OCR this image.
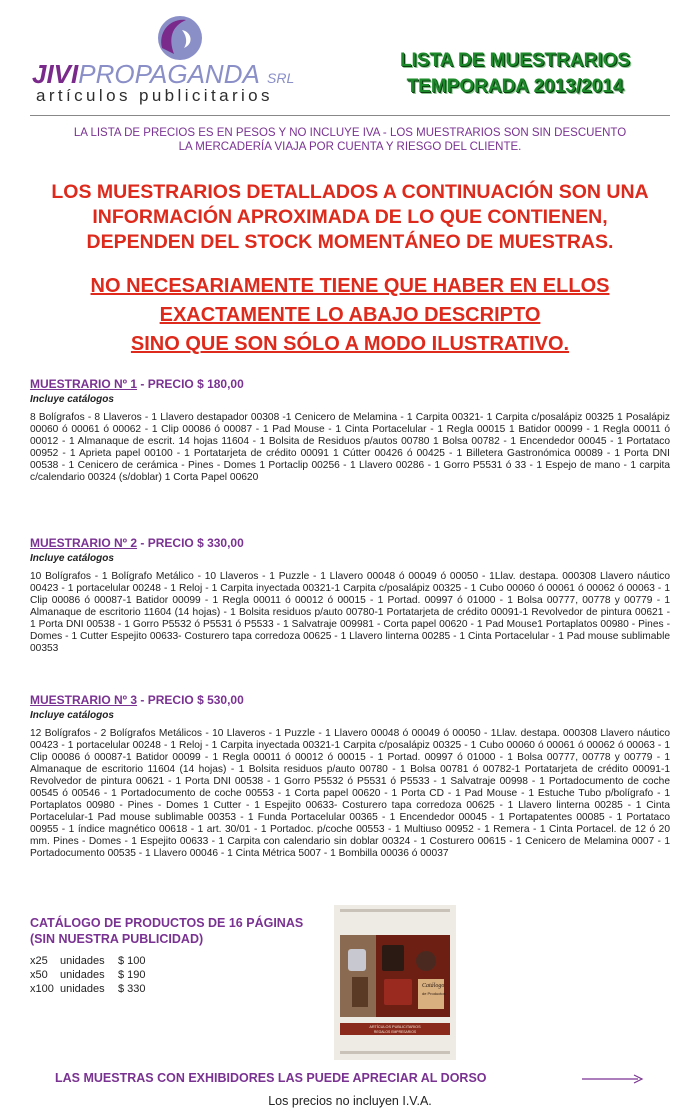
JIVIPROPAGANDA SRL
artículos publicitarios
LISTA DE MUESTRARIOS
TEMPORADA 2013/2014
LA LISTA DE PRECIOS ES EN PESOS Y NO INCLUYE IVA - LOS MUESTRARIOS SON SIN DESCUENTO
LA MERCADERÍA VIAJA POR CUENTA Y RIESGO DEL CLIENTE.
LOS MUESTRARIOS DETALLADOS A CONTINUACIÓN SON UNA
INFORMACIÓN APROXIMADA DE LO QUE CONTIENEN,
DEPENDEN DEL STOCK MOMENTÁNEO DE MUESTRAS.
NO NECESARIAMENTE TIENE QUE HABER EN ELLOS
EXACTAMENTE LO ABAJO DESCRIPTO
SINO QUE SON SÓLO A MODO ILUSTRATIVO.
MUESTRARIO Nº 1 - PRECIO $ 180,00
Incluye catálogos
8 Bolígrafos - 8 Llaveros - 1 Llavero destapador 00308 -1 Cenicero de Melamina - 1 Carpita 00321- 1 Carpita c/posalápiz 00325 1 Posalápiz 00060 ó 00061 ó 00062 - 1 Clip 00086 ó 00087 - 1 Pad Mouse - 1 Cinta Portacelular - 1 Regla 00015 1 Batidor 00099 - 1 Regla 00011 ó 00012 - 1 Almanaque de escrit. 14 hojas 11604 - 1 Bolsita de Residuos p/autos 00780 1 Bolsa 00782 - 1 Encendedor 00045 - 1 Portataco 00952 - 1 Aprieta papel 00100 - 1 Portatarjeta de crédito 00091 1 Cútter 00426 ó 00425 - 1 Billetera Gastronómica 00089 - 1 Porta DNI 00538 - 1 Cenicero de cerámica - Pines - Domes 1 Portaclip 00256 - 1 Llavero 00286 - 1 Gorro P5531 ó 33 - 1 Espejo de mano - 1 carpita c/calendario 00324 (s/doblar) 1 Corta Papel 00620
MUESTRARIO Nº 2 - PRECIO $ 330,00
Incluye catálogos
10 Bolígrafos - 1 Bolígrafo Metálico - 10 Llaveros - 1 Puzzle - 1 Llavero 00048 ó 00049 ó 00050 - 1Llav. destapa. 000308 Llavero náutico 00423 - 1 portacelular 00248 - 1 Reloj - 1 Carpita inyectada 00321-1 Carpita c/posalápiz 00325 - 1 Cubo 00060 ó 00061 ó 00062 ó 00063 - 1 Clip 00086 ó 00087-1 Batidor 00099 - 1 Regla 00011 ó 00012 ó 00015 - 1 Portad. 00997 ó 01000 - 1 Bolsa 00777, 00778 y 00779 - 1 Almanaque de escritorio 11604 (14 hojas) - 1 Bolsita residuos p/auto 00780-1 Portatarjeta de crédito 00091-1 Revolvedor de pintura 00621 - 1 Porta DNI 00538 - 1 Gorro P5532 ó P5531 ó P5533 - 1 Salvatraje 009981 - Corta papel 00620 - 1 Pad Mouse1 Portaplatos 00980 - Pines - Domes - 1 Cutter Espejito 00633- Costurero tapa corredoza 00625 - 1 Llavero linterna 00285 - 1 Cinta Portacelular - 1 Pad mouse sublimable 00353
MUESTRARIO Nº 3 - PRECIO $ 530,00
Incluye catálogos
12 Bolígrafos - 2 Bolígrafos Metálicos - 10 Llaveros - 1 Puzzle - 1 Llavero 00048 ó 00049 ó 00050 - 1Llav. destapa. 000308 Llavero náutico 00423 - 1 portacelular 00248 - 1 Reloj - 1 Carpita inyectada 00321-1 Carpita c/posalápiz 00325 - 1 Cubo 00060 ó 00061 ó 00062 ó 00063 - 1 Clip 00086 ó 00087-1 Batidor 00099 - 1 Regla 00011 ó 00012 ó 00015 - 1 Portad. 00997 ó 01000 - 1 Bolsa 00777, 00778 y 00779 - 1 Almanaque de escritorio 11604 (14 hojas) - 1 Bolsita residuos p/auto 00780 - 1 Bolsa 00781 ó 00782-1 Portatarjeta de crédito 00091-1 Revolvedor de pintura 00621 - 1 Porta DNI 00538 - 1 Gorro P5532 ó P5531 ó P5533 - 1 Salvatraje 00998 - 1 Portadocumento de coche 00545 ó 00546 - 1 Portadocumento de coche 00553 - 1 Corta papel 00620 - 1 Porta CD - 1 Pad Mouse - 1 Estuche Tubo p/bolígrafo - 1 Portaplatos 00980 - Pines - Domes 1 Cutter - 1 Espejito 00633- Costurero tapa corredoza 00625 - 1 Llavero linterna 00285 - 1 Cinta Portacelular-1 Pad mouse sublimable 00353 - 1 Funda Portacelular 00365 - 1 Encendedor 00045 - 1 Portapatentes 00085 - 1 Portataco 00955 - 1 índice magnético 00618 - 1 art. 30/01 - 1 Portadoc. p/coche 00553 - 1 Multiuso 00952 - 1 Remera - 1 Cinta Portacel. de 12 ó 20 mm. Pines - Domes - 1 Espejito 00633 - 1 Carpita con calendario sin doblar 00324 - 1 Costurero 00615 - 1 Cenicero de Melamina 0007 - 1 Portadocumento 00535 - 1 Llavero 00046 - 1 Cinta Métrica 5007 - 1 Bombilla 00036 ó 00037
CATÁLOGO DE PRODUCTOS DE 16 PÁGINAS
(SIN NUESTRA PUBLICIDAD)
x25 unidades $ 100
x50 unidades $ 190
x100 unidades $ 330	Catálogo
de Productos
ARTÍCULOS PUBLICITARIOS
REGALOS EMPRESARIOS
LAS MUESTRAS CON EXHIBIDORES LAS PUEDE APRECIAR AL DORSO
Los precios no incluyen I.V.A.
